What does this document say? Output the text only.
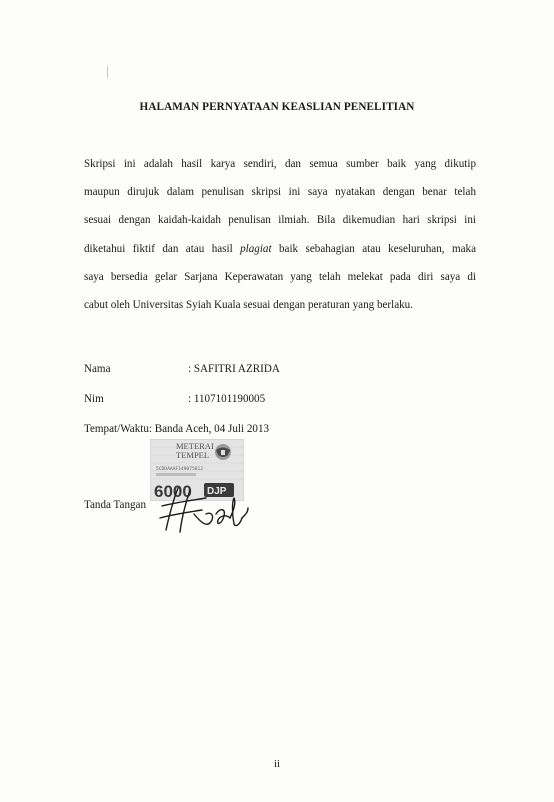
HALAMAN PERNYATAAN KEASLIAN PENELITIAN
Skripsi ini adalah hasil karya sendiri, dan semua sumber baik yang dikutip
maupun dirujuk dalam penulisan skripsi ini saya nyatakan dengan benar telah
sesuai dengan kaidah-kaidah penulisan ilmiah. Bila dikemudian hari skripsi ini
diketahui fiktif dan atau hasil plagiat baik sebahagian atau keseluruhan, maka
saya bersedia gelar Sarjana Keperawatan yang telah melekat pada diri saya di
cabut oleh Universitas Syiah Kuala sesuai dengan peraturan yang berlaku.
Nama	: SAFITRI AZRIDA
Nim	: 1107101190005
Tempat/Waktu: Banda Aceh, 04 Juli 2013
Tanda Tangan
METERAI
TEMPEL
5CDDAAAF149075812
6000 DJP
ii
